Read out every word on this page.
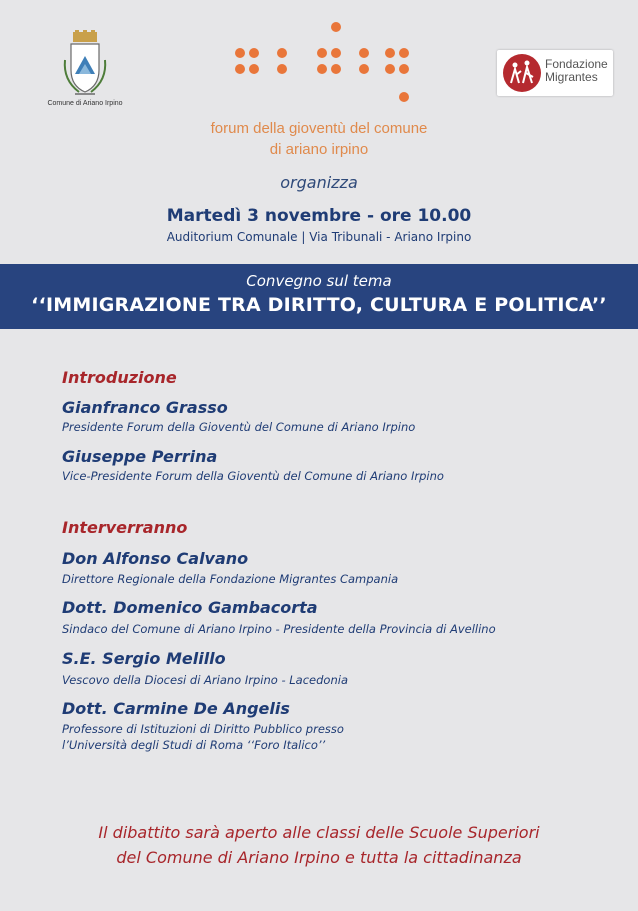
Comune di Ariano Irpino
Fondazione
Migrantes
forum della gioventù del comune
di ariano irpino
organizza
Martedì 3 novembre - ore 10.00
Auditorium Comunale | Via Tribunali - Ariano Irpino
Convegno sul tema
‘‘IMMIGRAZIONE TRA DIRITTO, CULTURA E POLITICA’’
Introduzione
Gianfranco Grasso
Presidente Forum della Gioventù del Comune di Ariano Irpino
Giuseppe Perrina
Vice-Presidente Forum della Gioventù del Comune di Ariano Irpino
Interverranno
Don Alfonso Calvano
Direttore Regionale della Fondazione Migrantes Campania
Dott. Domenico Gambacorta
Sindaco del Comune di Ariano Irpino - Presidente della Provincia di Avellino
S.E. Sergio Melillo
Vescovo della Diocesi di Ariano Irpino - Lacedonia
Dott. Carmine De Angelis
Professore di Istituzioni di Diritto Pubblico presso
l’Università degli Studi di Roma ‘‘Foro Italico’’
Il dibattito sarà aperto alle classi delle Scuole Superiori
del Comune di Ariano Irpino e tutta la cittadinanza
